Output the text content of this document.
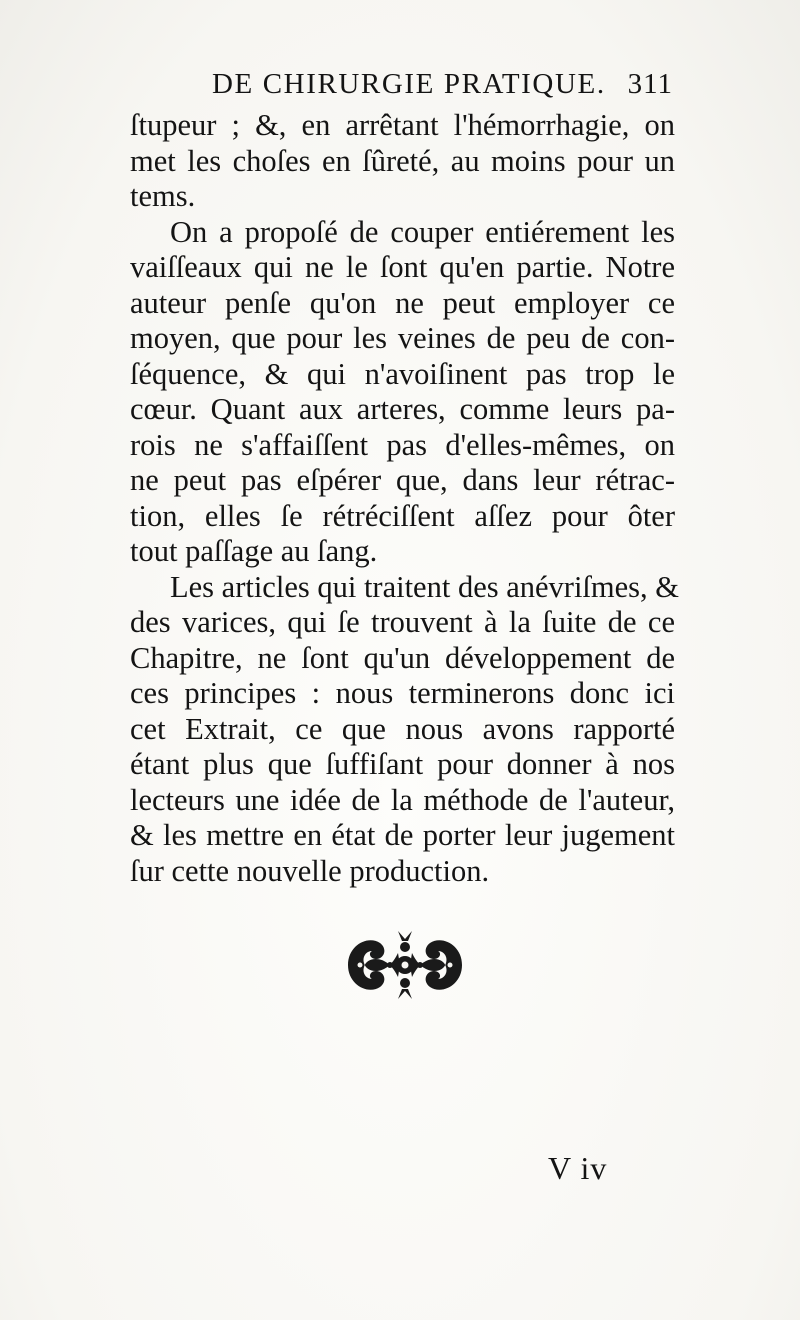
DE CHIRURGIE PRATIQUE. 311
ſtupeur ; &, en arrêtant l'hémorrhagie, on
met les choſes en ſûreté, au moins pour un
tems.
On a propoſé de couper entiérement les
vaiſſeaux qui ne le ſont qu'en partie. Notre
auteur penſe qu'on ne peut employer ce
moyen, que pour les veines de peu de con-
ſéquence, & qui n'avoiſinent pas trop le
cœur. Quant aux arteres, comme leurs pa-
rois ne s'affaiſſent pas d'elles-mêmes, on
ne peut pas eſpérer que, dans leur rétrac-
tion, elles ſe rétréciſſent aſſez pour ôter
tout paſſage au ſang.
Les articles qui traitent des anévriſmes, &
des varices, qui ſe trouvent à la ſuite de ce
Chapitre, ne ſont qu'un développement de
ces principes : nous terminerons donc ici
cet Extrait, ce que nous avons rapporté
étant plus que ſuffiſant pour donner à nos
lecteurs une idée de la méthode de l'auteur,
& les mettre en état de porter leur jugement
ſur cette nouvelle production.
V iv
